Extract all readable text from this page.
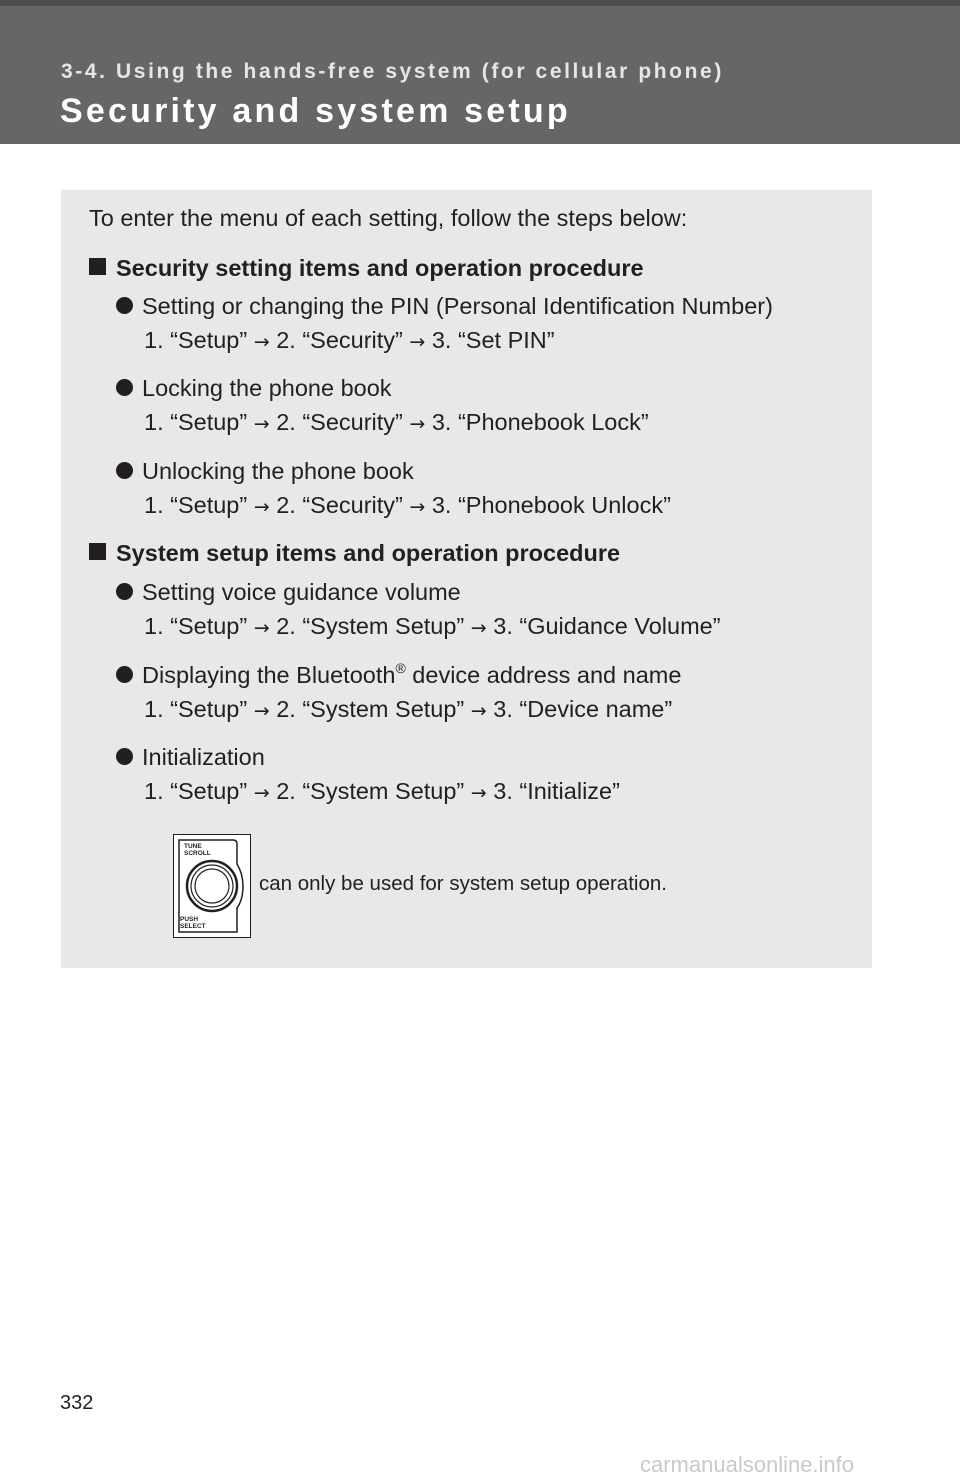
3-4. Using the hands-free system (for cellular phone)
Security and system setup
To enter the menu of each setting, follow the steps below:
Security setting items and operation procedure
Setting or changing the PIN (Personal Identification Number)
1. “Setup” → 2. “Security” → 3. “Set PIN”
Locking the phone book
1. “Setup” → 2. “Security” → 3. “Phonebook Lock”
Unlocking the phone book
1. “Setup” → 2. “Security” → 3. “Phonebook Unlock”
System setup items and operation procedure
Setting voice guidance volume
1. “Setup” → 2. “System Setup” → 3. “Guidance Volume”
Displaying the Bluetooth® device address and name
1. “Setup” → 2. “System Setup” → 3. “Device name”
Initialization
1. “Setup” → 2. “System Setup” → 3. “Initialize”
TUNE
SCROLL
PUSH
SELECT
can only be used for system setup operation.
332
carmanualsonline.info
